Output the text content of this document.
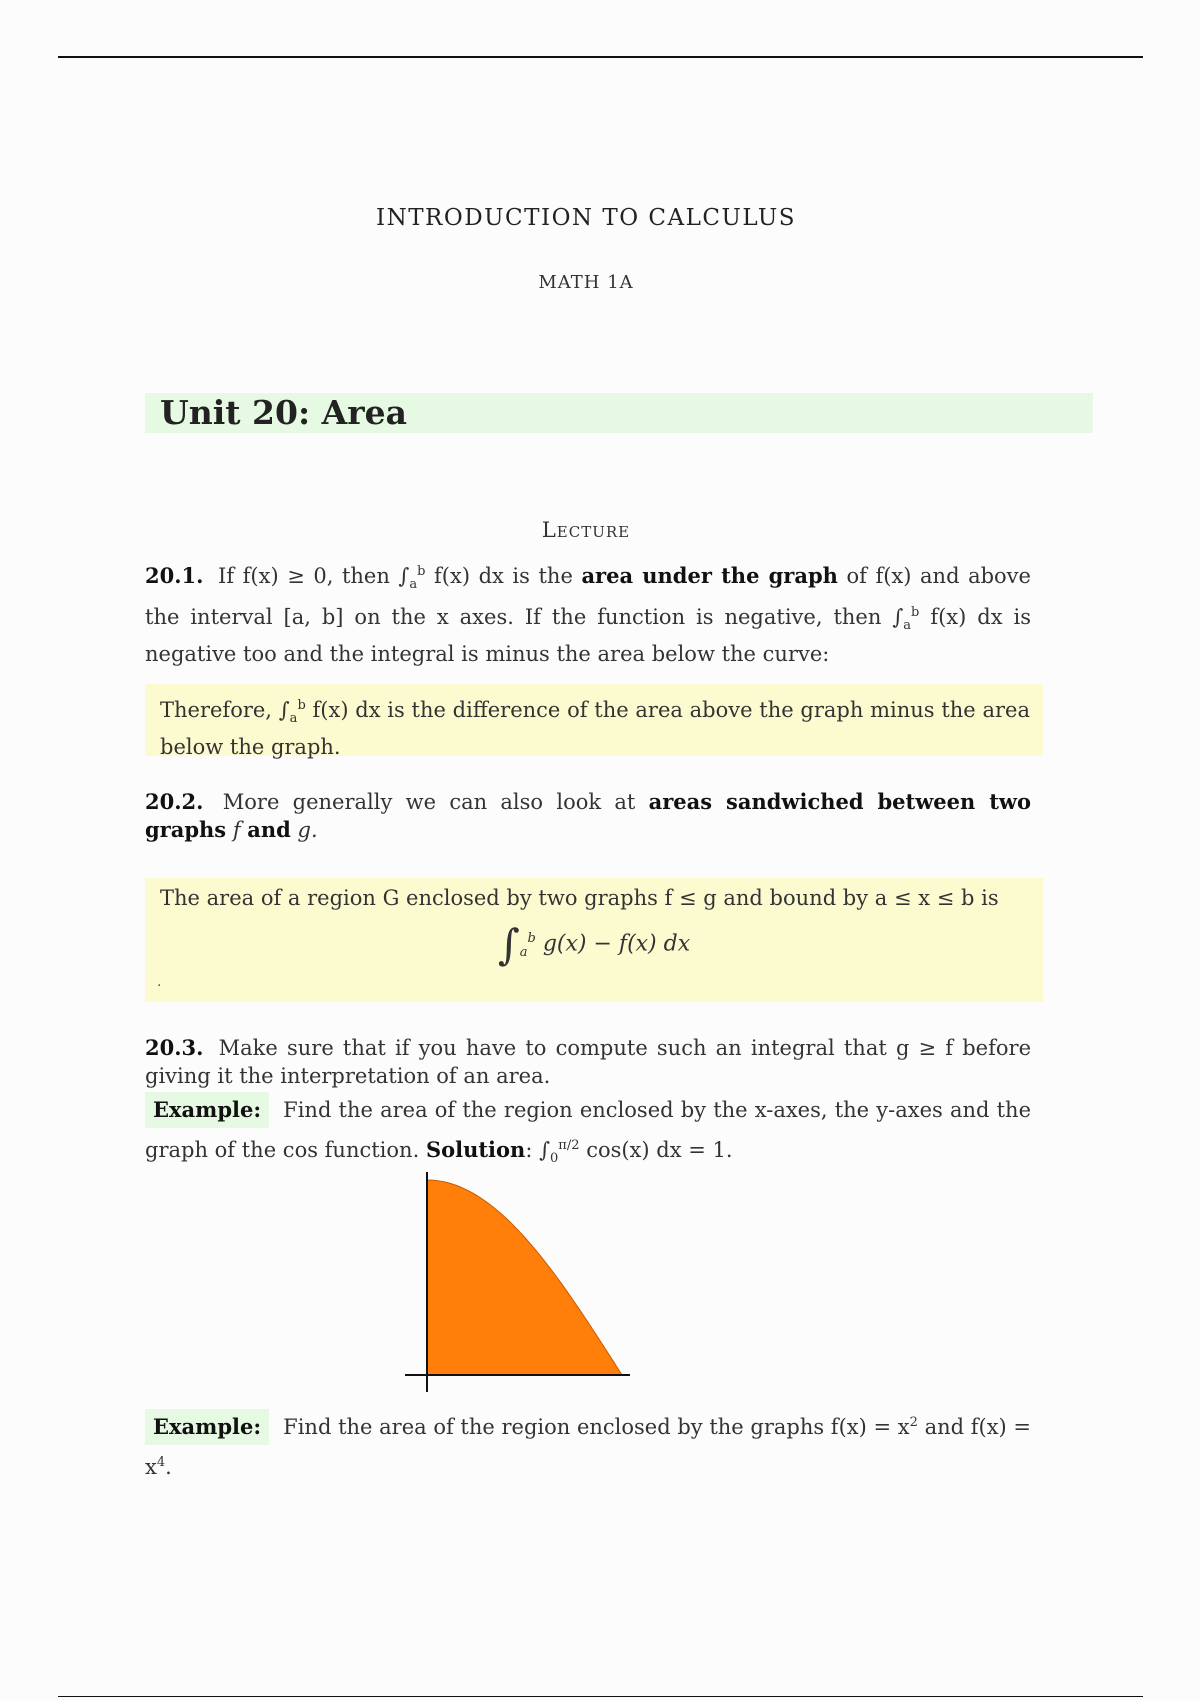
INTRODUCTION TO CALCULUS
MATH 1A
Unit 20: Area
Lecture
20.1. If f(x) ≥ 0, then $\int_a^b$ f(x) dx is the area under the graph of f(x) and above the interval [a, b] on the x axes. If the function is negative, then $\int_a^b$ f(x) dx is negative too and the integral is minus the area below the curve:
Therefore, $\int_a^b$ f(x) dx is the difference of the area above the graph minus the area below the graph.
20.2. More generally we can also look at areas sandwiched between two graphs f and g.
The area of a region G enclosed by two graphs f ≤ g and bound by a ≤ x ≤ b is
$\int_a^b$ g(x) − f(x) dx
.
20.3. Make sure that if you have to compute such an integral that g ≥ f before giving it the interpretation of an area.
Example: Find the area of the region enclosed by the x-axes, the y-axes and the graph of the cos function. Solution: $\int_0^{\pi/2}$ cos(x) dx = 1.
Example: Find the area of the region enclosed by the graphs $f(x) = x^2$ and $f(x) = x^4$.
